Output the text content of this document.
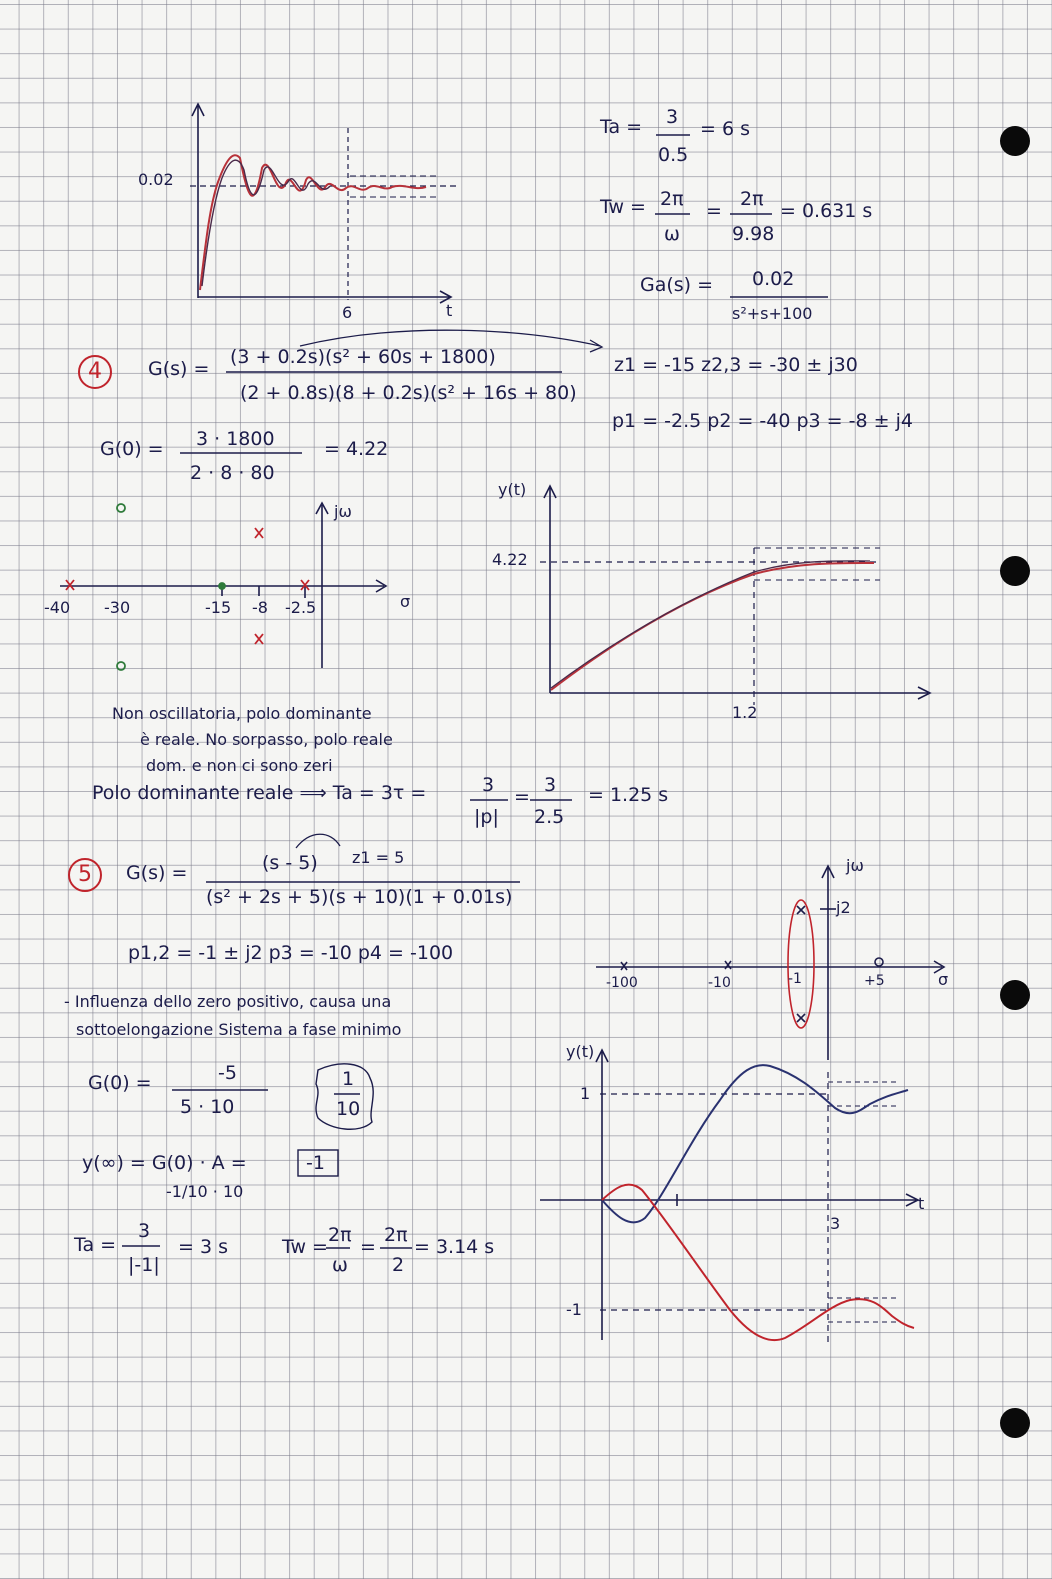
0.02
6	t
Ta = 3
0.5
= 6 s
Tw = 2π
ω
=
2π
9.98
= 0.631 s
Ga(s) = 0.02
s²+s+100
4	G(s) =
(3 + 0.2s)(s² + 60s + 1800)
(2 + 0.8s)(8 + 0.2s)(s² + 16s + 80)
z1 = -15 z2,3 = -30 ± j30
p1 = -2.5 p2 = -40 p3 = -8 ± j4
G(0) = 3 · 1800
2 · 8 · 80
= 4.22
jω
σ
-40 -30	-15 -8 -2.5
y(t)
4.22
1.2
Non oscillatoria, polo dominante
è reale. No sorpasso, polo reale
dom. e non ci sono zeri
Polo dominante reale ⟹ Ta = 3τ =	3
|p|
=
3
2.5
= 1.25 s
5	G(s) =	(s - 5) z1 = 5
(s² + 2s + 5)(s + 10)(1 + 0.01s)
p1,2 = -1 ± j2 p3 = -10 p4 = -100
- Influenza dello zero positivo, causa una
sottoelongazione Sistema a fase minimo
G(0) =	-5
5 · 10
1
10
y(∞) = G(0) · A =
-1/10 · 10
-1
Ta =
3
|-1|
= 3 s	Tw =
2π
ω
=
2π
2
= 3.14 s
jω
j2
σ
-100	-10	-1	+5
y(t)
1
-1
3
t
